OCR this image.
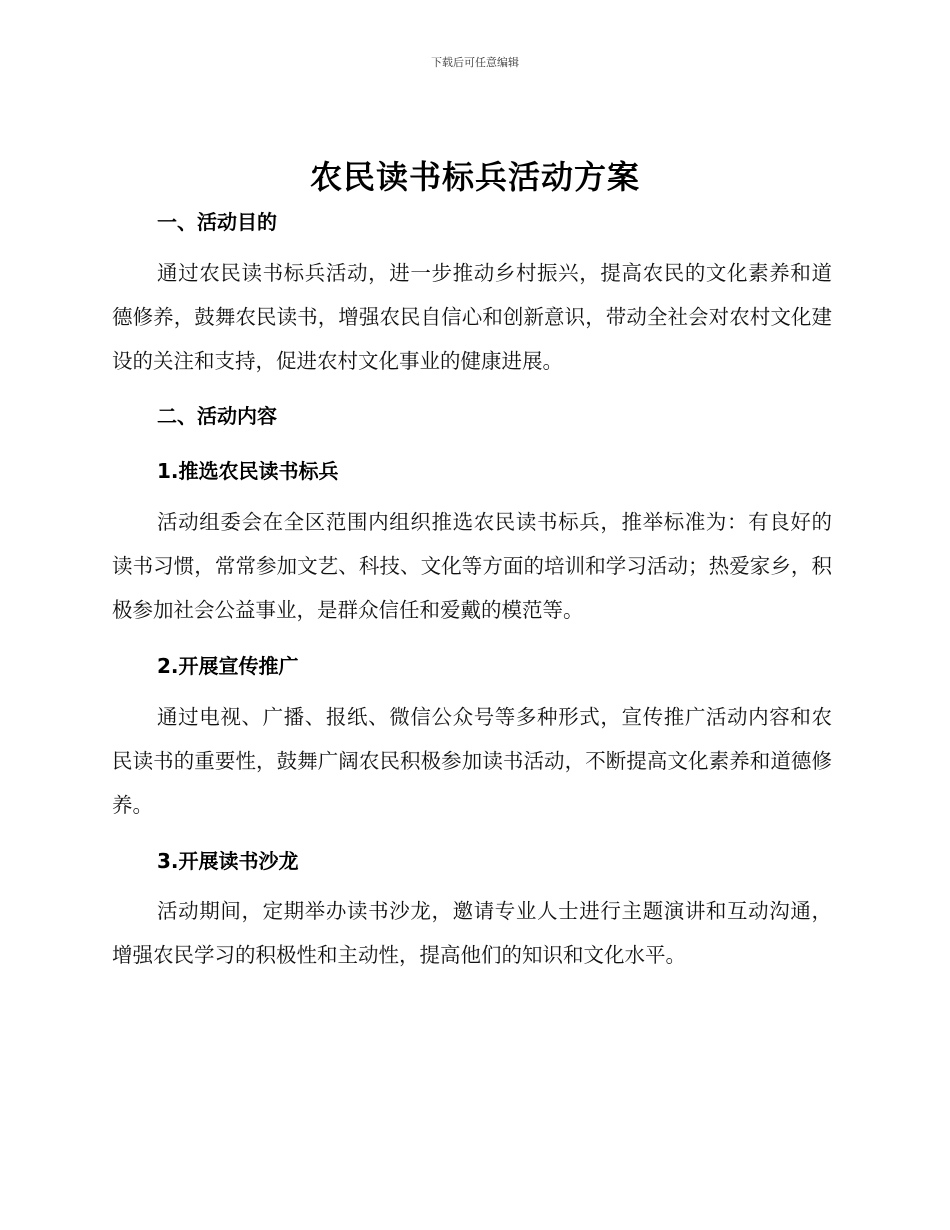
下载后可任意编辑
农民读书标兵活动方案
一、活动目的
通过农民读书标兵活动，进一步推动乡村振兴，提高农民的文化素养和道德修养，鼓舞农民读书，增强农民自信心和创新意识，带动全社会对农村文化建设的关注和支持，促进农村文化事业的健康进展。
二、活动内容
1.推选农民读书标兵
活动组委会在全区范围内组织推选农民读书标兵，推举标准为：有良好的读书习惯，常常参加文艺、科技、文化等方面的培训和学习活动；热爱家乡，积极参加社会公益事业，是群众信任和爱戴的模范等。
2.开展宣传推广
通过电视、广播、报纸、微信公众号等多种形式，宣传推广活动内容和农民读书的重要性，鼓舞广阔农民积极参加读书活动，不断提高文化素养和道德修养。
3.开展读书沙龙
活动期间，定期举办读书沙龙，邀请专业人士进行主题演讲和互动沟通，增强农民学习的积极性和主动性，提高他们的知识和文化水平。
